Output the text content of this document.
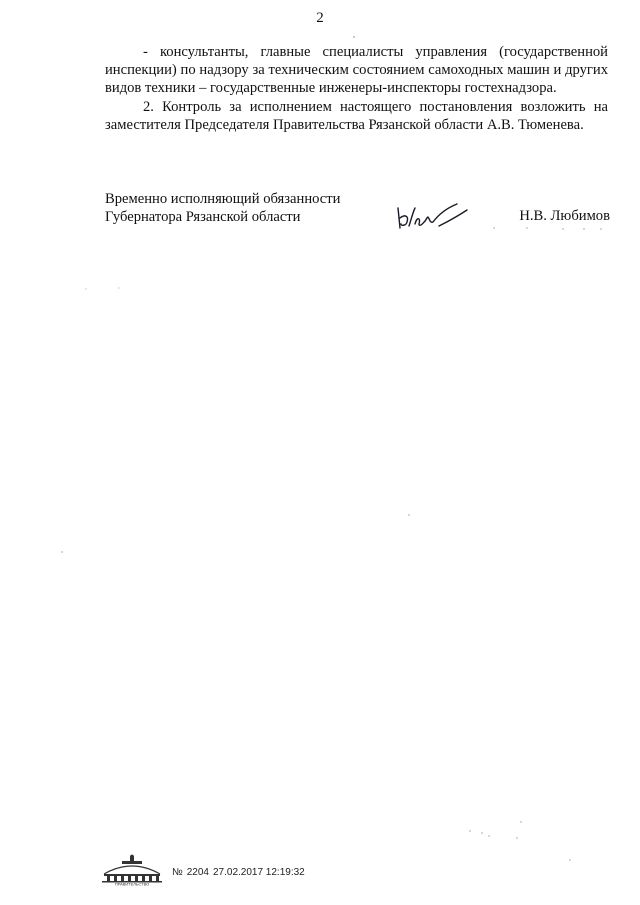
2

- консультанты, главные специалисты управления (государственной инспекции) по надзору за техническим состоянием самоходных машин и других видов техники – государственные инженеры-инспекторы гостехнадзора.

2. Контроль за исполнением настоящего постановления возложить на заместителя Председателя Правительства Рязанской области А.В. Тюменева.

Временно исполняющий обязанности
Губернатора Рязанской области	Н.В. Любимов
ПРАВИТЕЛЬСТВО
№ 2204 27.02.2017 12:19:32
